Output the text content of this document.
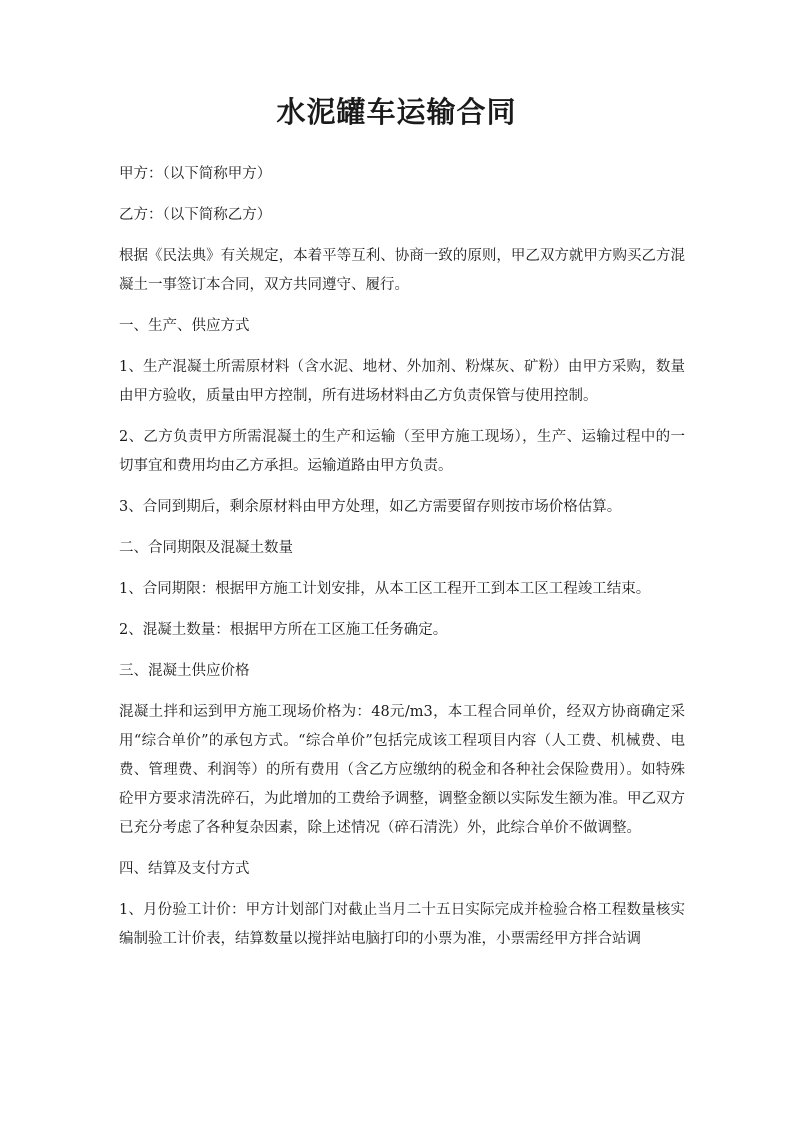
水泥罐车运输合同

甲方：（以下简称甲方）

乙方：（以下简称乙方）

根据《民法典》有关规定，本着平等互利、协商一致的原则，甲乙双方就甲方购买乙方混凝土一事签订本合同，双方共同遵守、履行。

一、生产、供应方式

1、生产混凝土所需原材料（含水泥、地材、外加剂、粉煤灰、矿粉）由甲方采购，数量由甲方验收，质量由甲方控制，所有进场材料由乙方负责保管与使用控制。

2、乙方负责甲方所需混凝土的生产和运输（至甲方施工现场），生产、运输过程中的一切事宜和费用均由乙方承担。运输道路由甲方负责。

3、合同到期后，剩余原材料由甲方处理，如乙方需要留存则按市场价格估算。

二、合同期限及混凝土数量

1、合同期限：根据甲方施工计划安排，从本工区工程开工到本工区工程竣工结束。

2、混凝土数量：根据甲方所在工区施工任务确定。

三、混凝土供应价格

混凝土拌和运到甲方施工现场价格为：48元/m3，本工程合同单价，经双方协商确定采用“综合单价”的承包方式。“综合单价”包括完成该工程项目内容（人工费、机械费、电费、管理费、利润等）的所有费用（含乙方应缴纳的税金和各种社会保险费用）。如特殊砼甲方要求清洗碎石，为此增加的工费给予调整，调整金额以实际发生额为准。甲乙双方已充分考虑了各种复杂因素，除上述情况（碎石清洗）外，此综合单价不做调整。

四、结算及支付方式

1、月份验工计价：甲方计划部门对截止当月二十五日实际完成并检验合格工程数量核实编制验工计价表，结算数量以搅拌站电脑打印的小票为准，小票需经甲方拌合站调
